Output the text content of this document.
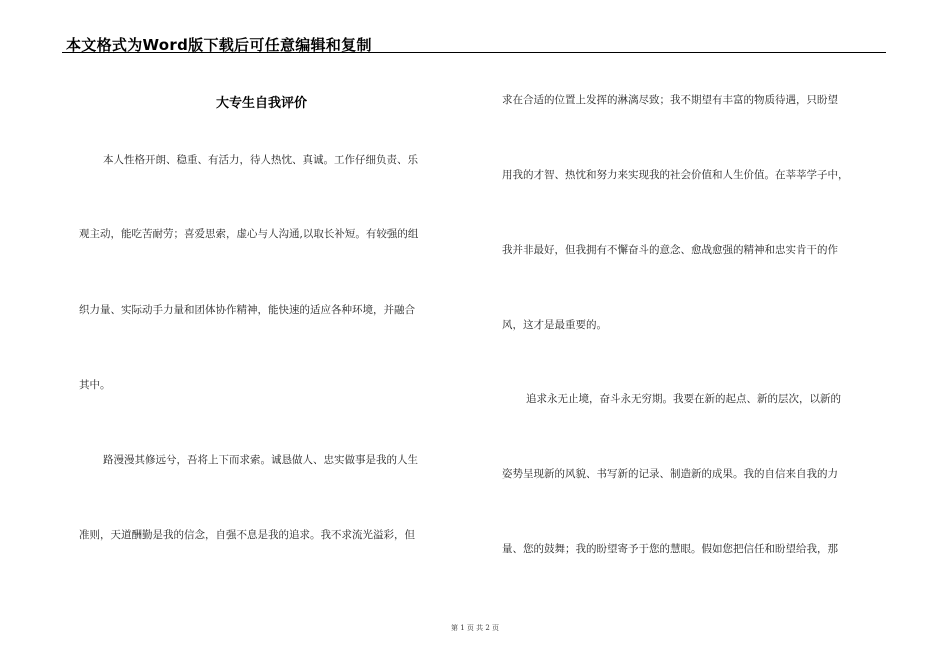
本文格式为Word版下载后可任意编辑和复制
大专生自我评价
本人性格开朗、稳重、有活力，待人热忱、真诚。工作仔细负责、乐
观主动，能吃苦耐劳；喜爱思索，虚心与人沟通,以取长补短。有较强的组
织力量、实际动手力量和团体协作精神，能快速的适应各种环境，并融合
其中。
路漫漫其修远兮，吾将上下而求索。诚恳做人、忠实做事是我的人生
准则，天道酬勤是我的信念，自强不息是我的追求。我不求流光溢彩，但
求在合适的位置上发挥的淋漓尽致；我不期望有丰富的物质待遇，只盼望
用我的才智、热忱和努力来实现我的社会价值和人生价值。在莘莘学子中，
我并非最好，但我拥有不懈奋斗的意念、愈战愈强的精神和忠实肯干的作
风，这才是最重要的。
追求永无止境，奋斗永无穷期。我要在新的起点、新的层次，以新的
姿势呈现新的风貌、书写新的记录、制造新的成果。我的自信来自我的力
量、您的鼓舞；我的盼望寄予于您的慧眼。假如您把信任和盼望给我，那
第 1 页 共 2 页
